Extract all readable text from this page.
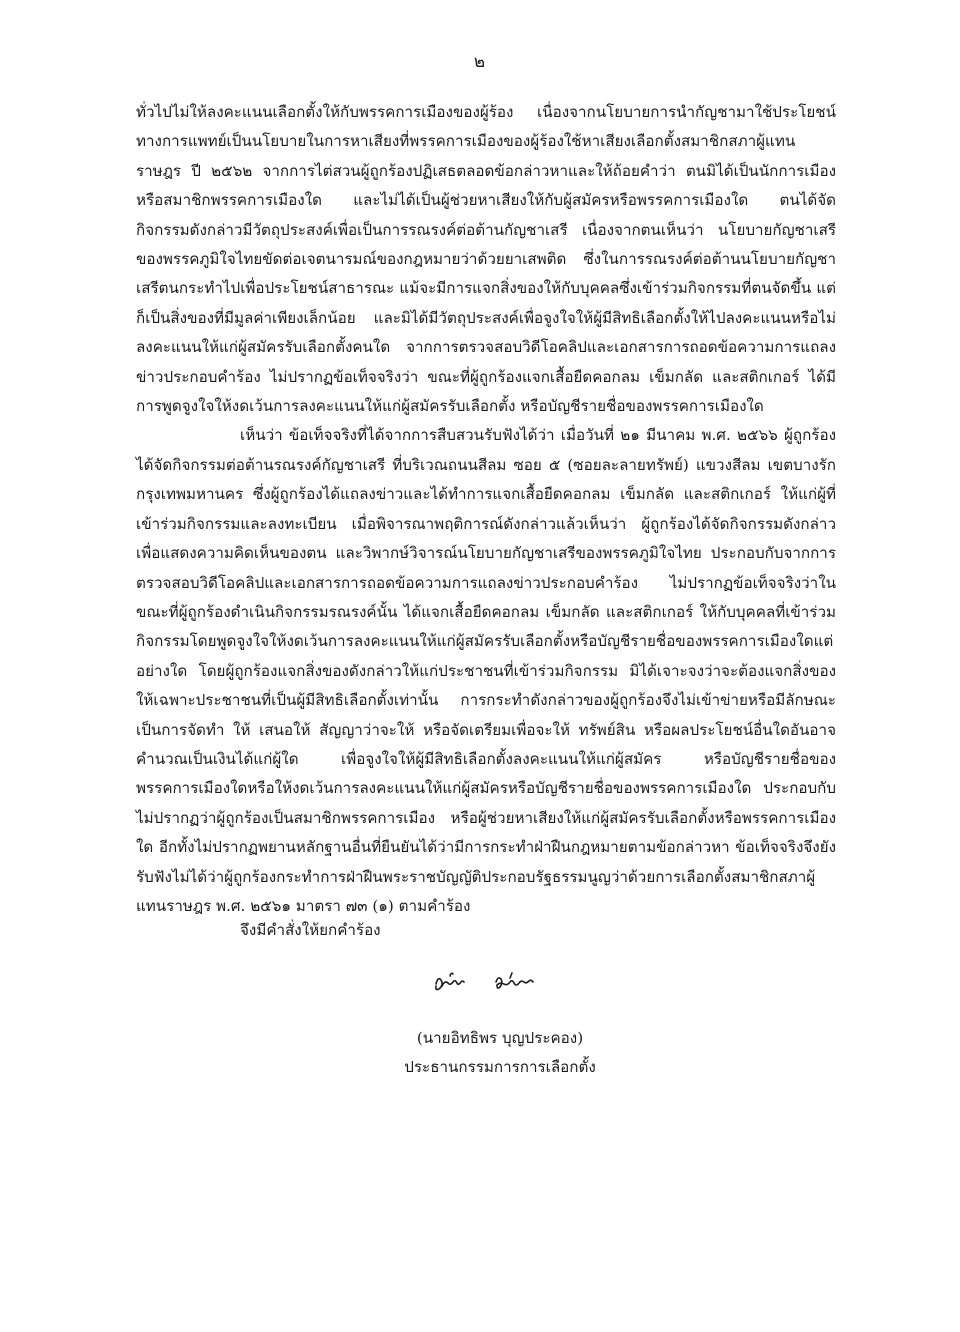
๒

ทั่วไปไม่ให้ลงคะแนนเลือกตั้งให้กับพรรคการเมืองของผู้ร้อง เนื่องจากนโยบายการนำกัญชามาใช้ประโยชน์ทางการแพทย์เป็นนโยบายในการหาเสียงที่พรรคการเมืองของผู้ร้องใช้หาเสียงเลือกตั้งสมาชิกสภาผู้แทนราษฎร ปี ๒๕๖๒ จากการไต่สวนผู้ถูกร้องปฏิเสธตลอดข้อกล่าวหาและให้ถ้อยคำว่า ตนมิได้เป็นนักการเมืองหรือสมาชิกพรรคการเมืองใด และไม่ได้เป็นผู้ช่วยหาเสียงให้กับผู้สมัครหรือพรรคการเมืองใด ตนได้จัดกิจกรรมดังกล่าวมีวัตถุประสงค์เพื่อเป็นการรณรงค์ต่อต้านกัญชาเสรี เนื่องจากตนเห็นว่า นโยบายกัญชาเสรีของพรรคภูมิใจไทยขัดต่อเจตนารมณ์ของกฎหมายว่าด้วยยาเสพติด ซึ่งในการรณรงค์ต่อต้านนโยบายกัญชาเสรีตนกระทำไปเพื่อประโยชน์สาธารณะ แม้จะมีการแจกสิ่งของให้กับบุคคลซึ่งเข้าร่วมกิจกรรมที่ตนจัดขึ้น แต่ก็เป็นสิ่งของที่มีมูลค่าเพียงเล็กน้อย และมิได้มีวัตถุประสงค์เพื่อจูงใจให้ผู้มีสิทธิเลือกตั้งให้ไปลงคะแนนหรือไม่ลงคะแนนให้แก่ผู้สมัครรับเลือกตั้งคนใด จากการตรวจสอบวิดีโอคลิปและเอกสารการถอดข้อความการแถลงข่าวประกอบคำร้อง ไม่ปรากฏข้อเท็จจริงว่า ขณะที่ผู้ถูกร้องแจกเสื้อยืดคอกลม เข็มกลัด และสติกเกอร์ ได้มีการพูดจูงใจให้งดเว้นการลงคะแนนให้แก่ผู้สมัครรับเลือกตั้ง หรือบัญชีรายชื่อของพรรคการเมืองใด

เห็นว่า ข้อเท็จจริงที่ได้จากการสืบสวนรับฟังได้ว่า เมื่อวันที่ ๒๑ มีนาคม พ.ศ. ๒๕๖๖ ผู้ถูกร้องได้จัดกิจกรรมต่อต้านรณรงค์กัญชาเสรี ที่บริเวณถนนสีลม ซอย ๕ (ซอยละลายทรัพย์) แขวงสีลม เขตบางรักกรุงเทพมหานคร ซึ่งผู้ถูกร้องได้แถลงข่าวและได้ทำการแจกเสื้อยืดคอกลม เข็มกลัด และสติกเกอร์ ให้แก่ผู้ที่เข้าร่วมกิจกรรมและลงทะเบียน เมื่อพิจารณาพฤติการณ์ดังกล่าวแล้วเห็นว่า ผู้ถูกร้องได้จัดกิจกรรมดังกล่าวเพื่อแสดงความคิดเห็นของตน และวิพากษ์วิจารณ์นโยบายกัญชาเสรีของพรรคภูมิใจไทย ประกอบกับจากการตรวจสอบวิดีโอคลิปและเอกสารการถอดข้อความการแถลงข่าวประกอบคำร้อง ไม่ปรากฏข้อเท็จจริงว่าในขณะที่ผู้ถูกร้องดำเนินกิจกรรมรณรงค์นั้น ได้แจกเสื้อยืดคอกลม เข็มกลัด และสติกเกอร์ ให้กับบุคคลที่เข้าร่วมกิจกรรมโดยพูดจูงใจให้งดเว้นการลงคะแนนให้แก่ผู้สมัครรับเลือกตั้งหรือบัญชีรายชื่อของพรรคการเมืองใดแต่อย่างใด โดยผู้ถูกร้องแจกสิ่งของดังกล่าวให้แก่ประชาชนที่เข้าร่วมกิจกรรม มิได้เจาะจงว่าจะต้องแจกสิ่งของให้เฉพาะประชาชนที่เป็นผู้มีสิทธิเลือกตั้งเท่านั้น การกระทำดังกล่าวของผู้ถูกร้องจึงไม่เข้าข่ายหรือมีลักษณะเป็นการจัดทำ ให้ เสนอให้ สัญญาว่าจะให้ หรือจัดเตรียมเพื่อจะให้ ทรัพย์สิน หรือผลประโยชน์อื่นใดอันอาจคำนวณเป็นเงินได้แก่ผู้ใด เพื่อจูงใจให้ผู้มีสิทธิเลือกตั้งลงคะแนนให้แก่ผู้สมัคร หรือบัญชีรายชื่อของพรรคการเมืองใดหรือให้งดเว้นการลงคะแนนให้แก่ผู้สมัครหรือบัญชีรายชื่อของพรรคการเมืองใด ประกอบกับไม่ปรากฏว่าผู้ถูกร้องเป็นสมาชิกพรรคการเมือง หรือผู้ช่วยหาเสียงให้แก่ผู้สมัครรับเลือกตั้งหรือพรรคการเมืองใด อีกทั้งไม่ปรากฏพยานหลักฐานอื่นที่ยืนยันได้ว่ามีการกระทำฝ่าฝืนกฎหมายตามข้อกล่าวหา ข้อเท็จจริงจึงยังรับฟังไม่ได้ว่าผู้ถูกร้องกระทำการฝ่าฝืนพระราชบัญญัติประกอบรัฐธรรมนูญว่าด้วยการเลือกตั้งสมาชิกสภาผู้แทนราษฎร พ.ศ. ๒๕๖๑ มาตรา ๗๓ (๑) ตามคำร้อง

จึงมีคำสั่งให้ยกคำร้อง
(นายอิทธิพร บุญประคอง)
ประธานกรรมการการเลือกตั้ง
